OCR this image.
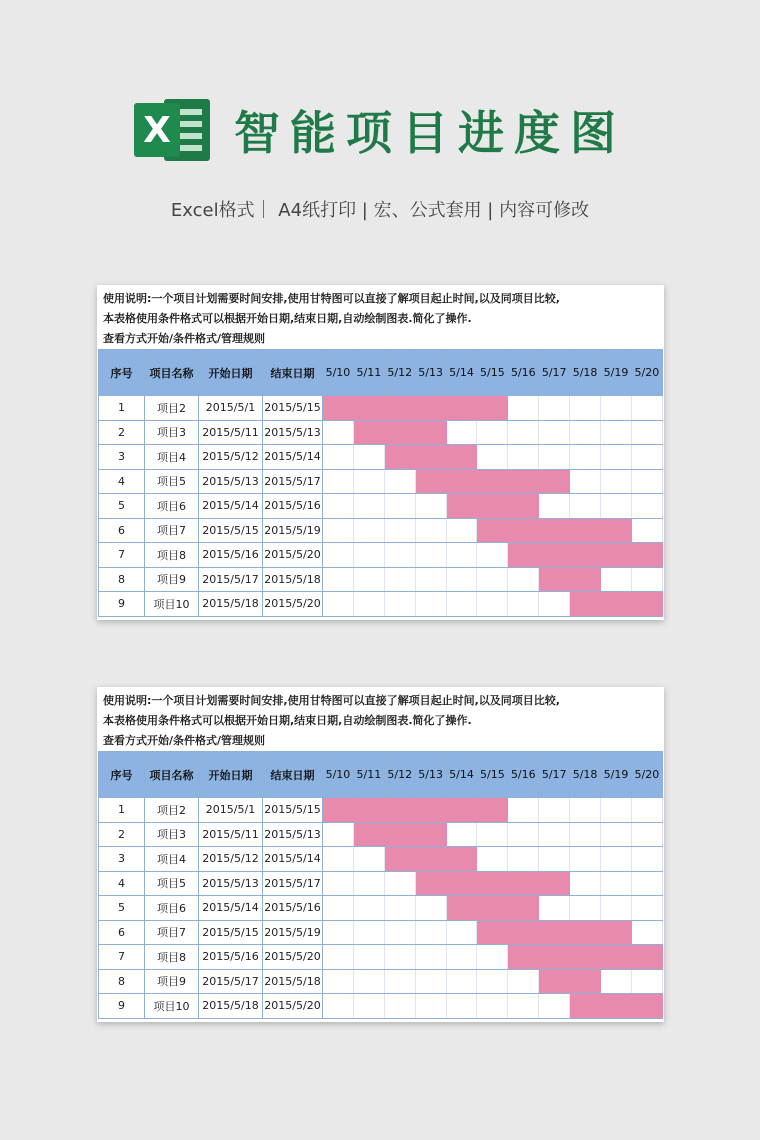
X 智能项目进度图
Excel格式｜ A4纸打印 | 宏、公式套用 | 内容可修改
使用说明:一个项目计划需要时间安排,使用甘特图可以直接了解项目起止时间,以及同项目比较,
本表格使用条件格式可以根据开始日期,结束日期,自动绘制图表.简化了操作.
查看方式开始/条件格式/管理规则
序号	项目名称	开始日期	结束日期	5/10	5/11	5/12	5/13	5/14	5/15	5/16	5/17	5/18	5/19	5/20
1	项目2	2015/5/1	2015/5/15											
2	项目3	2015/5/11	2015/5/13											
3	项目4	2015/5/12	2015/5/14											
4	项目5	2015/5/13	2015/5/17											
5	项目6	2015/5/14	2015/5/16											
6	项目7	2015/5/15	2015/5/19											
7	项目8	2015/5/16	2015/5/20											
8	项目9	2015/5/17	2015/5/18											
9	项目10	2015/5/18	2015/5/20											
使用说明:一个项目计划需要时间安排,使用甘特图可以直接了解项目起止时间,以及同项目比较,
本表格使用条件格式可以根据开始日期,结束日期,自动绘制图表.简化了操作.
查看方式开始/条件格式/管理规则
序号	项目名称	开始日期	结束日期	5/10	5/11	5/12	5/13	5/14	5/15	5/16	5/17	5/18	5/19	5/20
1	项目2	2015/5/1	2015/5/15											
2	项目3	2015/5/11	2015/5/13											
3	项目4	2015/5/12	2015/5/14											
4	项目5	2015/5/13	2015/5/17											
5	项目6	2015/5/14	2015/5/16											
6	项目7	2015/5/15	2015/5/19											
7	项目8	2015/5/16	2015/5/20											
8	项目9	2015/5/17	2015/5/18											
9	项目10	2015/5/18	2015/5/20											
